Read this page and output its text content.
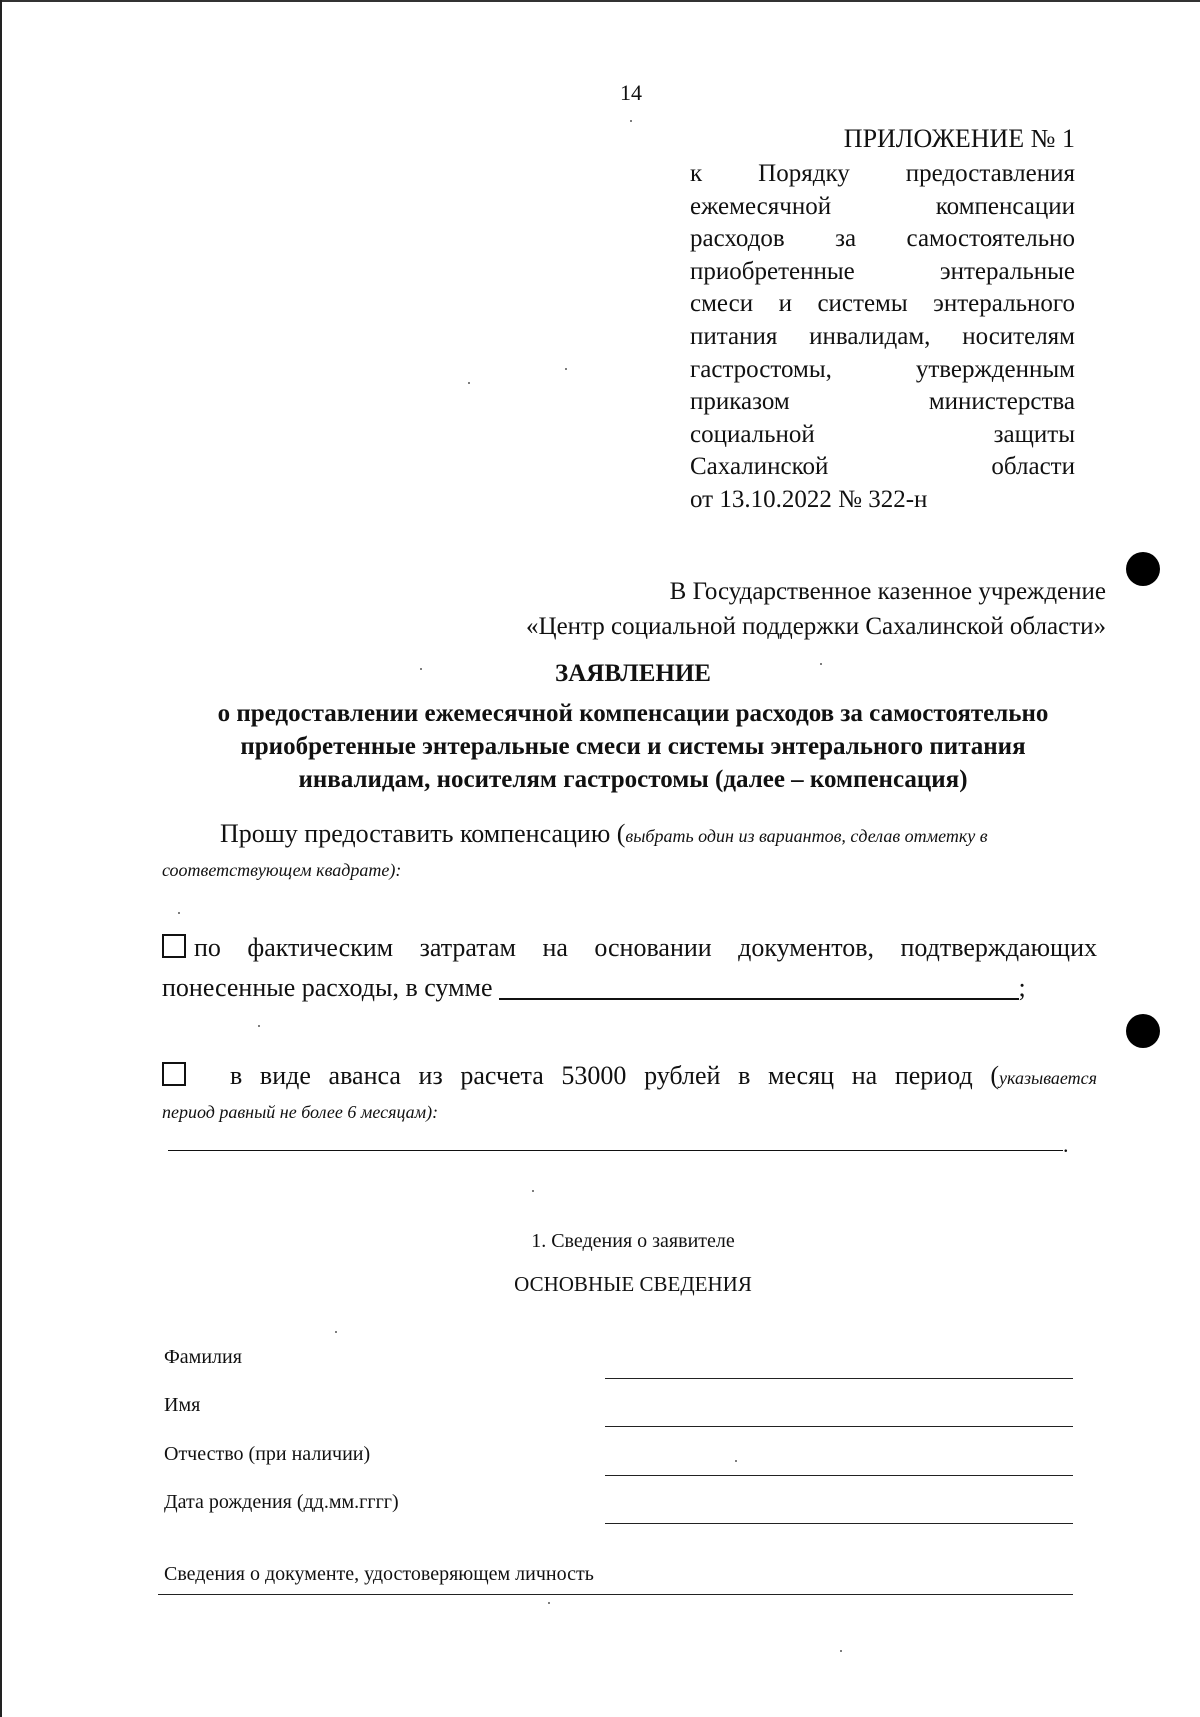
14
ПРИЛОЖЕНИЕ № 1
к Порядку предоставления
ежемесячной компенсации
расходов за самостоятельно
приобретенные энтеральные
смеси и системы энтерального
питания инвалидам, носителям
гастростомы, утвержденным
приказом министерства
социальной защиты
Сахалинской области
от 13.10.2022 № 322-н
В Государственное казенное учреждение
«Центр социальной поддержки Сахалинской области»
ЗАЯВЛЕНИЕ
о предоставлении ежемесячной компенсации расходов за самостоятельно
приобретенные энтеральные смеси и системы энтерального питания
инвалидам, носителям гастростомы (далее – компенсация)
Прошу предоставить компенсацию (выбрать один из вариантов, сделав отметку в соответствующем квадрате):
по фактическим затратам на основании документов, подтверждающих
понесенные расходы, в сумме	;
в виде аванса из расчета 53000 рублей в месяц на период (указывается
период равный не более 6 месяцам):
.
1. Сведения о заявителе
ОСНОВНЫЕ СВЕДЕНИЯ
Фамилия
Имя
Отчество (при наличии)
Дата рождения (дд.мм.гггг)
Сведения о документе, удостоверяющем личность
